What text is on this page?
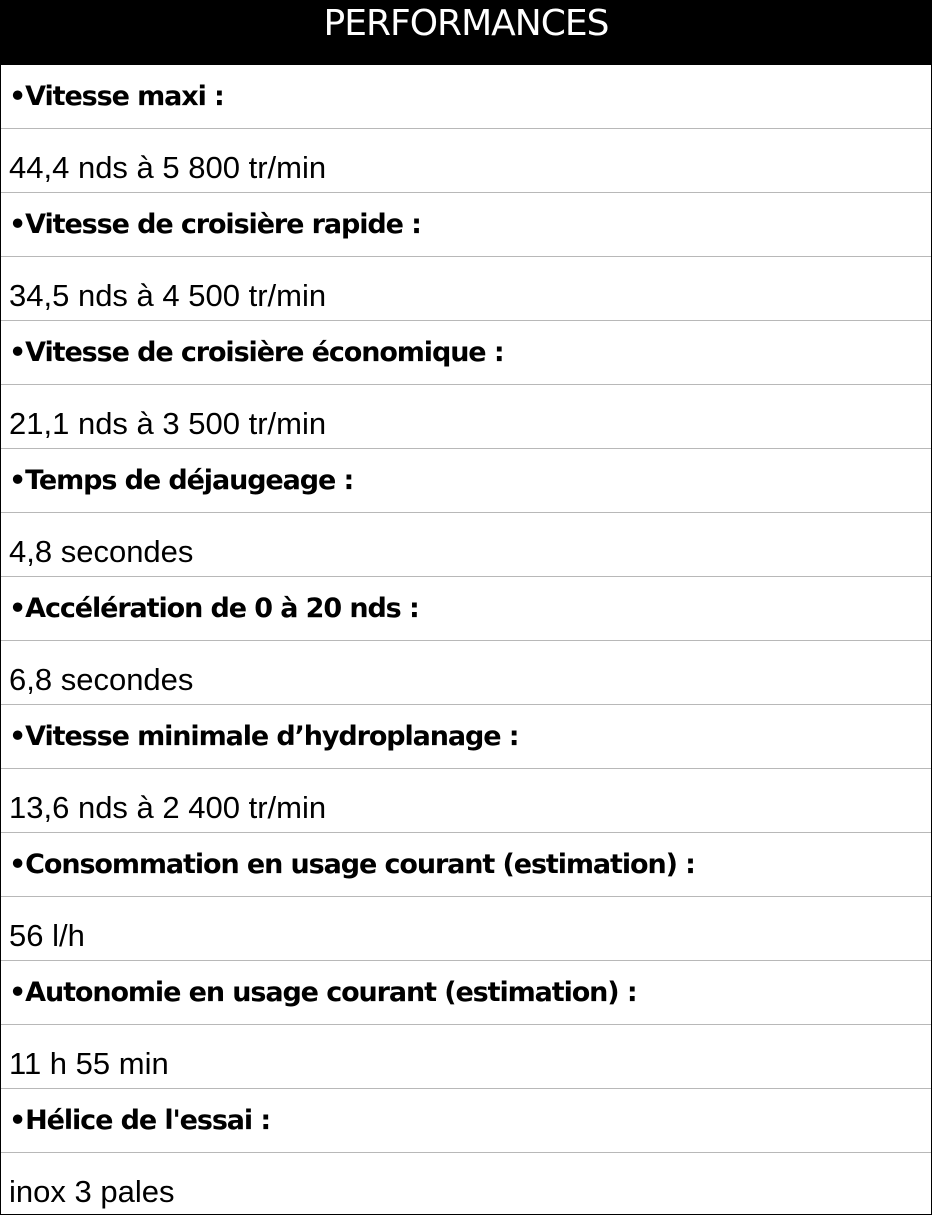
PERFORMANCES
•Vitesse maxi :
44,4 nds à 5 800 tr/min
•Vitesse de croisière rapide :
34,5 nds à 4 500 tr/min
•Vitesse de croisière économique :
21,1 nds à 3 500 tr/min
•Temps de déjaugeage :
4,8 secondes
•Accélération de 0 à 20 nds :
6,8 secondes
•Vitesse minimale d’hydroplanage :
13,6 nds à 2 400 tr/min
•Consommation en usage courant (estimation) :
56 l/h
•Autonomie en usage courant (estimation) :
11 h 55 min
•Hélice de l'essai :
inox 3 pales
